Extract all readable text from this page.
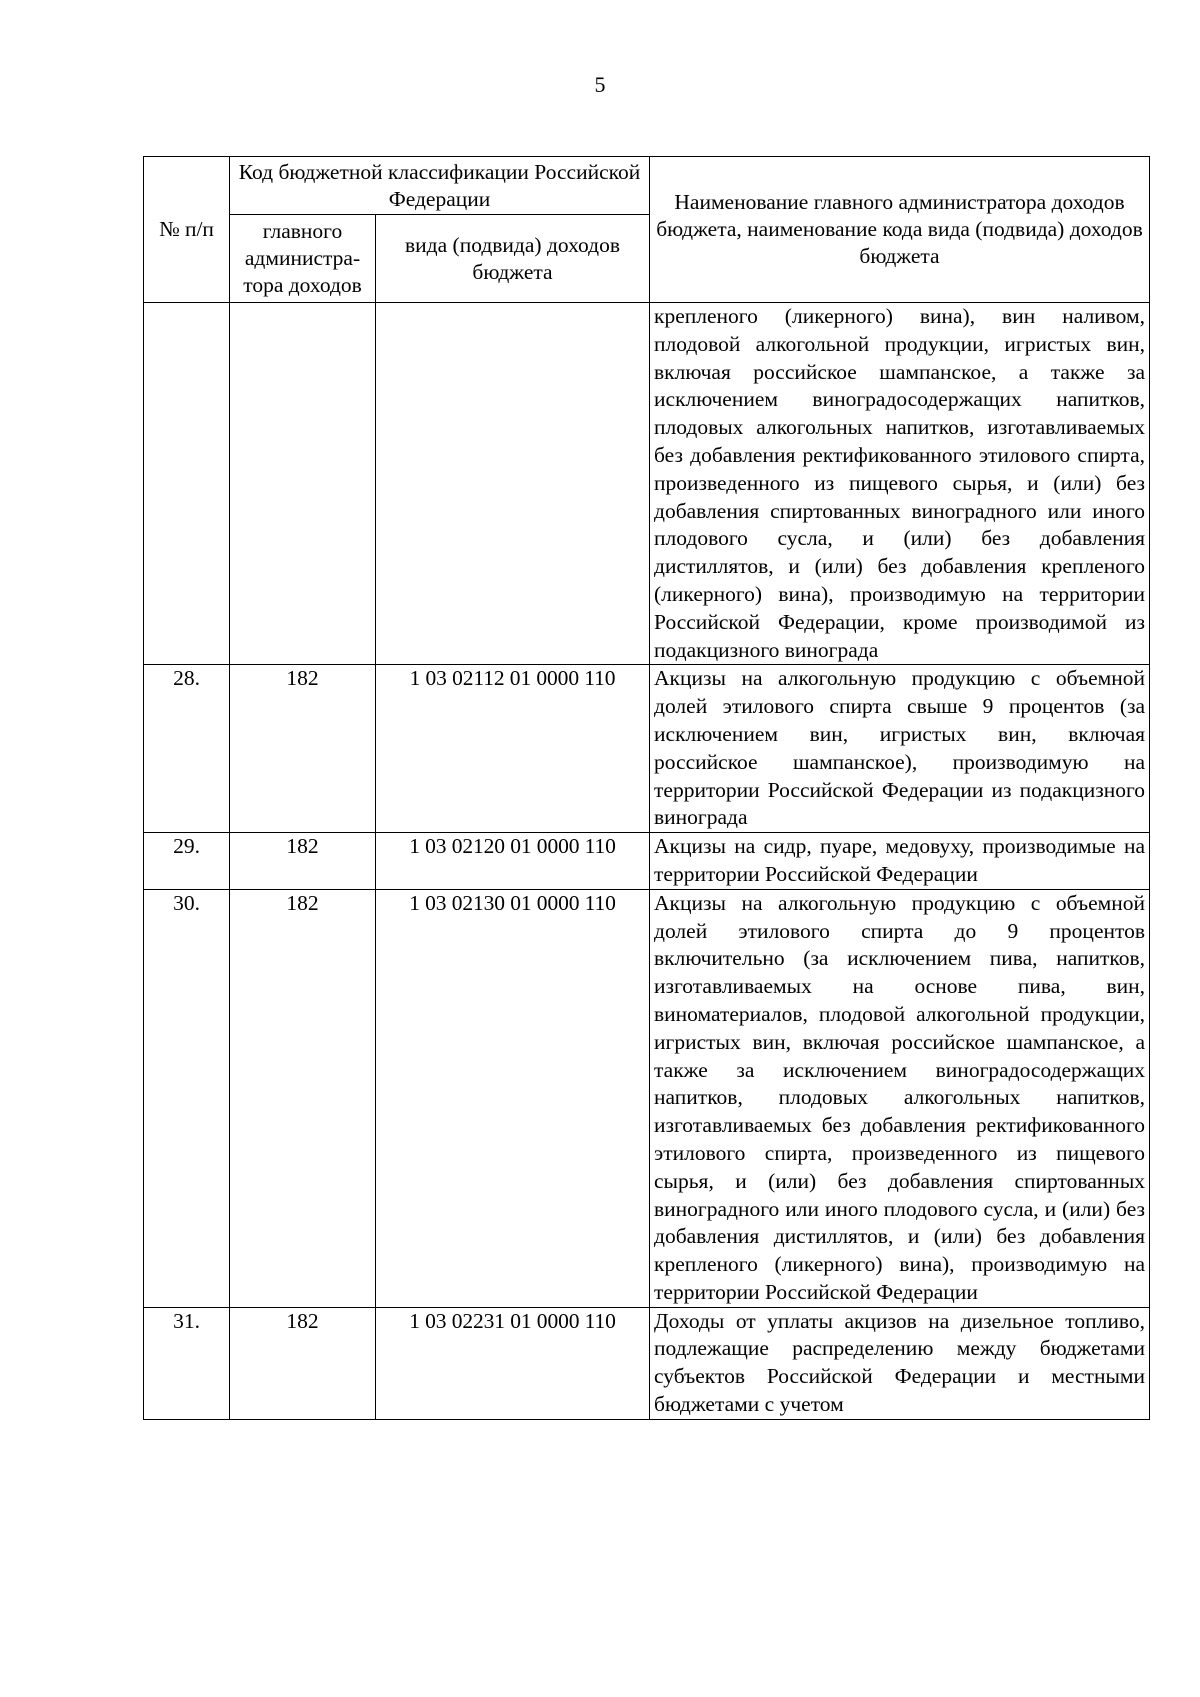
5
№ п/п	Код бюджетной классификации Российской Федерации		Наименование главного администратора доходов бюджета, наименование кода вида (подвида) доходов бюджета
	главного администра-тора доходов	вида (подвида) доходов бюджета	
			крепленого (ликерного) вина), вин наливом, плодовой алкогольной продукции, игристых вин, включая российское шампанское, а также за исключением виноградосодержащих напитков, плодовых алкогольных напитков, изготавливаемых без добавления ректификованного этилового спирта, произведенного из пищевого сырья, и (или) без добавления спиртованных виноградного или иного плодового сусла, и (или) без добавления дистиллятов, и (или) без добавления крепленого (ликерного) вина), производимую на территории Российской Федерации, кроме производимой из подакцизного винограда
28.	182	1 03 02112 01 0000 110	Акцизы на алкогольную продукцию с объемной долей этилового спирта свыше 9 процентов (за исключением вин, игристых вин, включая российское шампанское), производимую на территории Российской Федерации из подакцизного винограда
29.	182	1 03 02120 01 0000 110	Акцизы на сидр, пуаре, медовуху, производимые на территории Российской Федерации
30.	182	1 03 02130 01 0000 110	Акцизы на алкогольную продукцию с объемной долей этилового спирта до 9 процентов включительно (за исключением пива, напитков, изготавливаемых на основе пива, вин, виноматериалов, плодовой алкогольной продукции, игристых вин, включая российское шампанское, а также за исключением виноградосодержащих напитков, плодовых алкогольных напитков, изготавливаемых без добавления ректификованного этилового спирта, произведенного из пищевого сырья, и (или) без добавления спиртованных виноградного или иного плодового сусла, и (или) без добавления дистиллятов, и (или) без добавления крепленого (ликерного) вина), производимую на территории Российской Федерации
31.	182	1 03 02231 01 0000 110	Доходы от уплаты акцизов на дизельное топливо, подлежащие распределению между бюджетами субъектов Российской Федерации и местными бюджетами с учетом
